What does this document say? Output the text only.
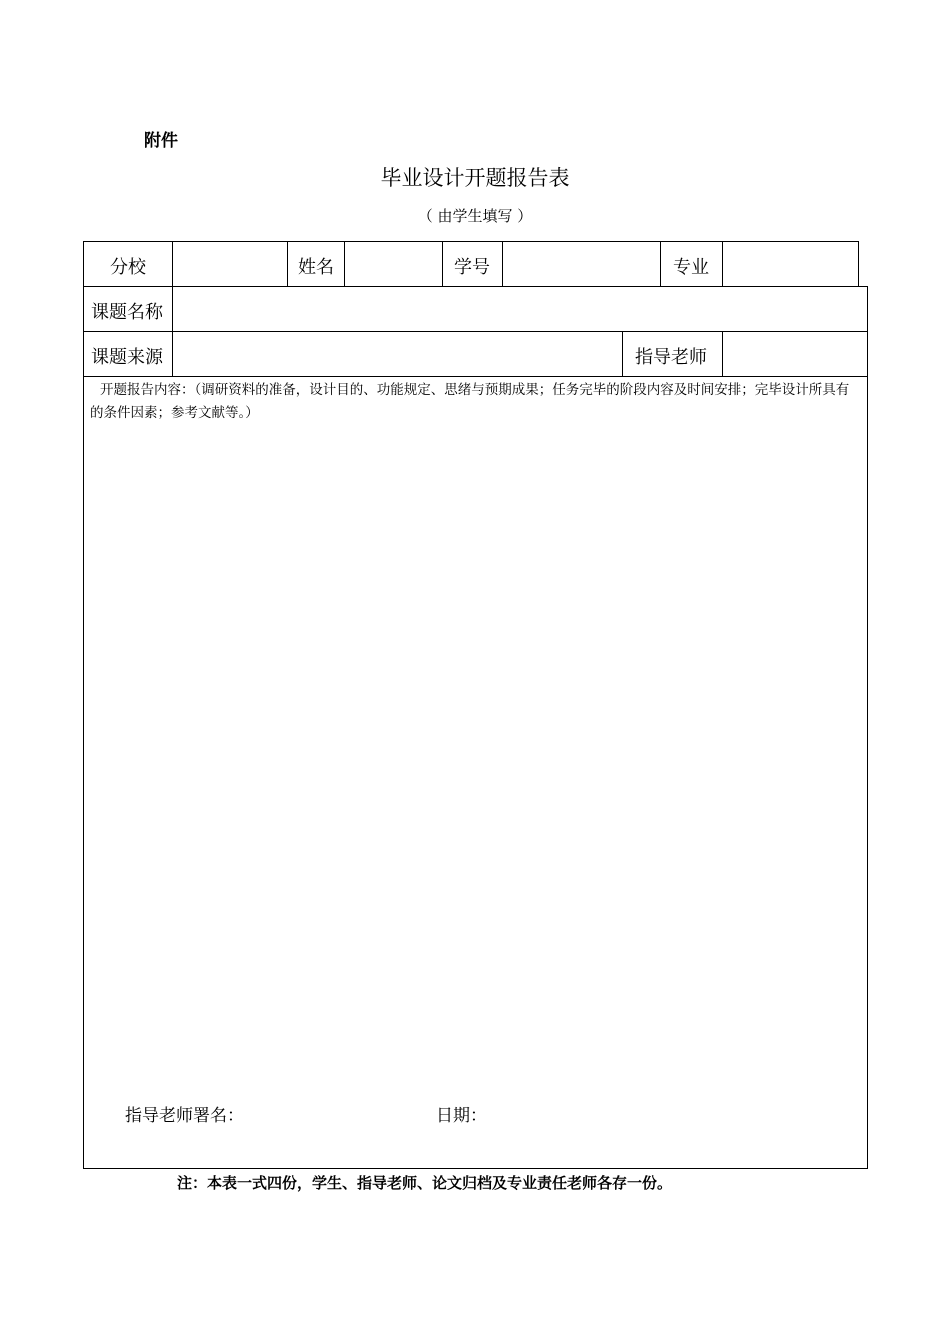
附件
毕业设计开题报告表
（ 由学生填写 ）
分校	姓名	学号	专业
课题名称
课题来源	指导老师

开题报告内容：（调研资料的准备，设计目的、功能规定、思绪与预期成果；任务完毕的阶段内容及时间安排；完毕设计所具有的条件因素；参考文献等。）

指导老师署名：	日期：
注：本表一式四份，学生、指导老师、论文归档及专业责任老师各存一份。
